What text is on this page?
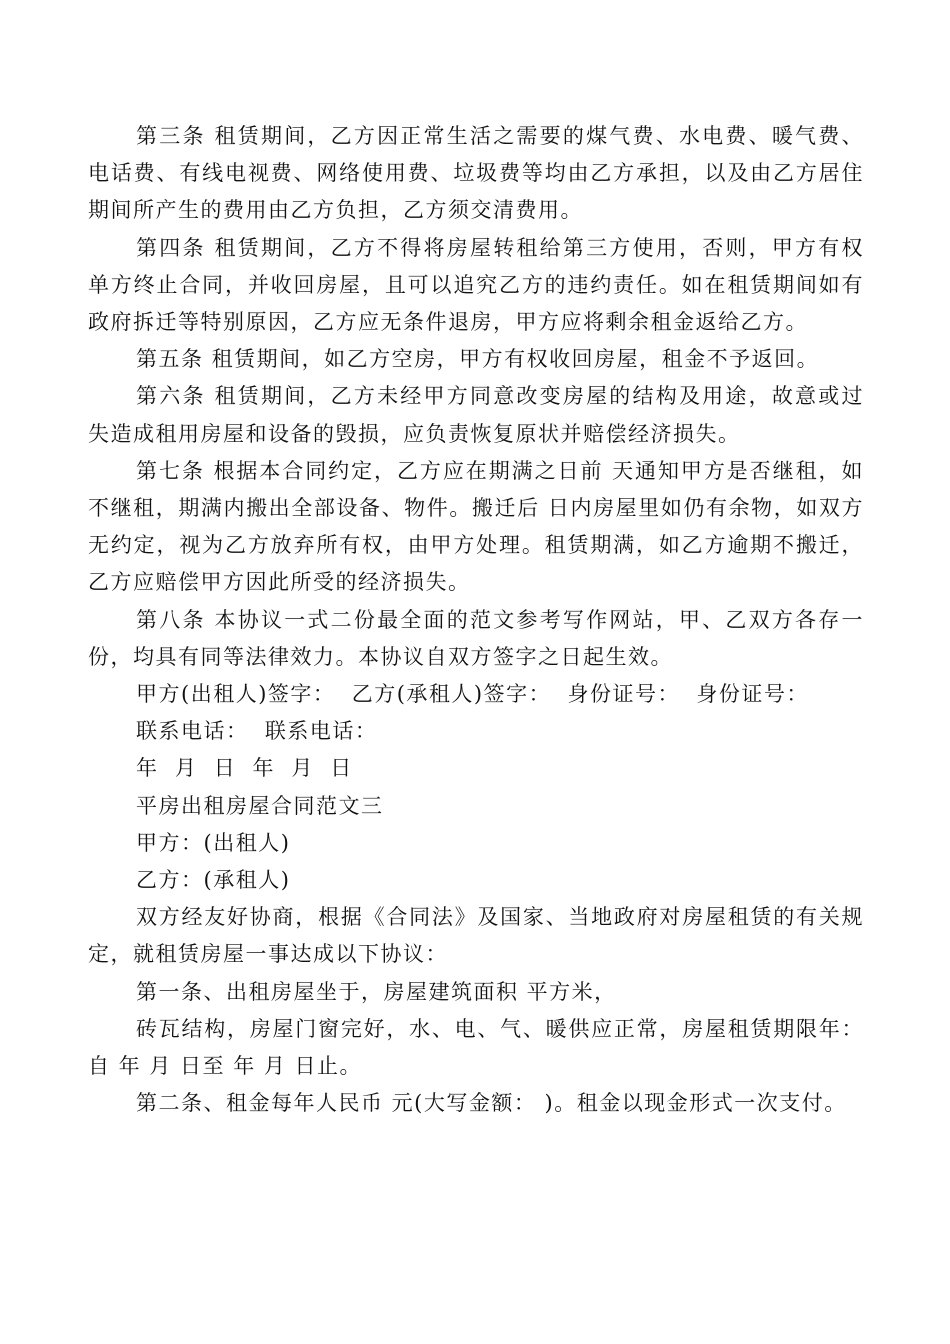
第三条 租赁期间，乙方因正常生活之需要的煤气费、水电费、暖气费、电话费、有线电视费、网络使用费、垃圾费等均由乙方承担，以及由乙方居住期间所产生的费用由乙方负担，乙方须交清费用。

第四条 租赁期间，乙方不得将房屋转租给第三方使用，否则，甲方有权单方终止合同，并收回房屋，且可以追究乙方的违约责任。如在租赁期间如有政府拆迁等特别原因，乙方应无条件退房，甲方应将剩余租金返给乙方。

第五条 租赁期间，如乙方空房，甲方有权收回房屋，租金不予返回。

第六条 租赁期间，乙方未经甲方同意改变房屋的结构及用途，故意或过失造成租用房屋和设备的毁损，应负责恢复原状并赔偿经济损失。

第七条 根据本合同约定，乙方应在期满之日前 天通知甲方是否继租，如不继租，期满内搬出全部设备、物件。搬迁后 日内房屋里如仍有余物，如双方无约定，视为乙方放弃所有权，由甲方处理。租赁期满，如乙方逾期不搬迁，乙方应赔偿甲方因此所受的经济损失。

第八条 本协议一式二份最全面的范文参考写作网站，甲、乙双方各存一份，均具有同等法律效力。本协议自双方签字之日起生效。

甲方(出租人)签字：  乙方(承租人)签字：  身份证号：  身份证号：

联系电话：  联系电话：

年  月  日  年  月  日

平房出租房屋合同范文三

甲方：(出租人)

乙方：(承租人)

双方经友好协商，根据《合同法》及国家、当地政府对房屋租赁的有关规定，就租赁房屋一事达成以下协议：

第一条、出租房屋坐于，房屋建筑面积 平方米，

砖瓦结构，房屋门窗完好，水、电、气、暖供应正常，房屋租赁期限年：自 年 月 日至 年 月 日止。

第二条、租金每年人民币 元(大写金额： )。租金以现金形式一次支付。
